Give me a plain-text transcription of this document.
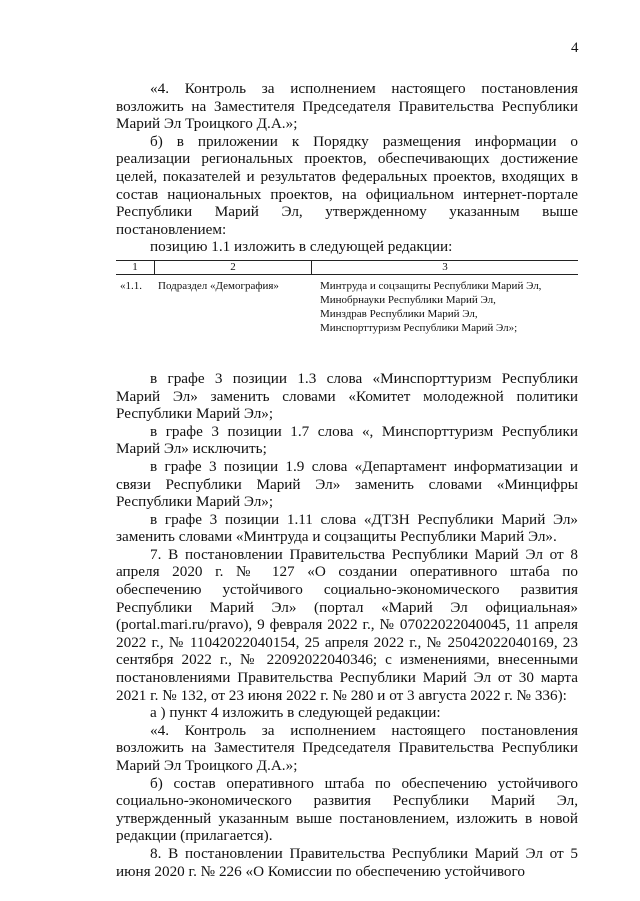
4

«4. Контроль за исполнением настоящего постановления возложить на Заместителя Председателя Правительства Республики Марий Эл Троицкого Д.А.»;

б) в приложении к Порядку размещения информации о реализации региональных проектов, обеспечивающих достижение целей, показателей и результатов федеральных проектов, входящих в состав национальных проектов, на официальном интернет-портале Республики Марий Эл, утвержденному указанным выше постановлением:

позицию 1.1 изложить в следующей редакции:

1	2	3
«1.1.	Подраздел «Демография»	Минтруда и соцзащиты Республики Марий Эл,
Минобрнауки Республики Марий Эл,
Минздрав Республики Марий Эл,
Минспорттуризм Республики Марий Эл»;

в графе 3 позиции 1.3 слова «Минспорттуризм Республики Марий Эл» заменить словами «Комитет молодежной политики Республики Марий Эл»;

в графе 3 позиции 1.7 слова «, Минспорттуризм Республики Марий Эл» исключить;

в графе 3 позиции 1.9 слова «Департамент информатизации и связи Республики Марий Эл» заменить словами «Минцифры Республики Марий Эл»;

в графе 3 позиции 1.11 слова «ДТЗН Республики Марий Эл» заменить словами «Минтруда и соцзащиты Республики Марий Эл».

7. В постановлении Правительства Республики Марий Эл от 8 апреля 2020 г. № 127 «О создании оперативного штаба по обеспечению устойчивого социально-экономического развития Республики Марий Эл» (портал «Марий Эл официальная» (portal.mari.ru/pravo), 9 февраля 2022 г., № 07022022040045, 11 апреля 2022 г., № 11042022040154, 25 апреля 2022 г., № 25042022040169, 23 сентября 2022 г., № 22092022040346; с изменениями, внесенными постановлениями Правительства Республики Марий Эл от 30 марта 2021 г. № 132, от 23 июня 2022 г. № 280 и от 3 августа 2022 г. № 336):

а ) пункт 4 изложить в следующей редакции:

«4. Контроль за исполнением настоящего постановления возложить на Заместителя Председателя Правительства Республики Марий Эл Троицкого Д.А.»;

б) состав оперативного штаба по обеспечению устойчивого социально-экономического развития Республики Марий Эл, утвержденный указанным выше постановлением, изложить в новой редакции (прилагается).

8. В постановлении Правительства Республики Марий Эл от 5 июня 2020 г. № 226 «О Комиссии по обеспечению устойчивого
